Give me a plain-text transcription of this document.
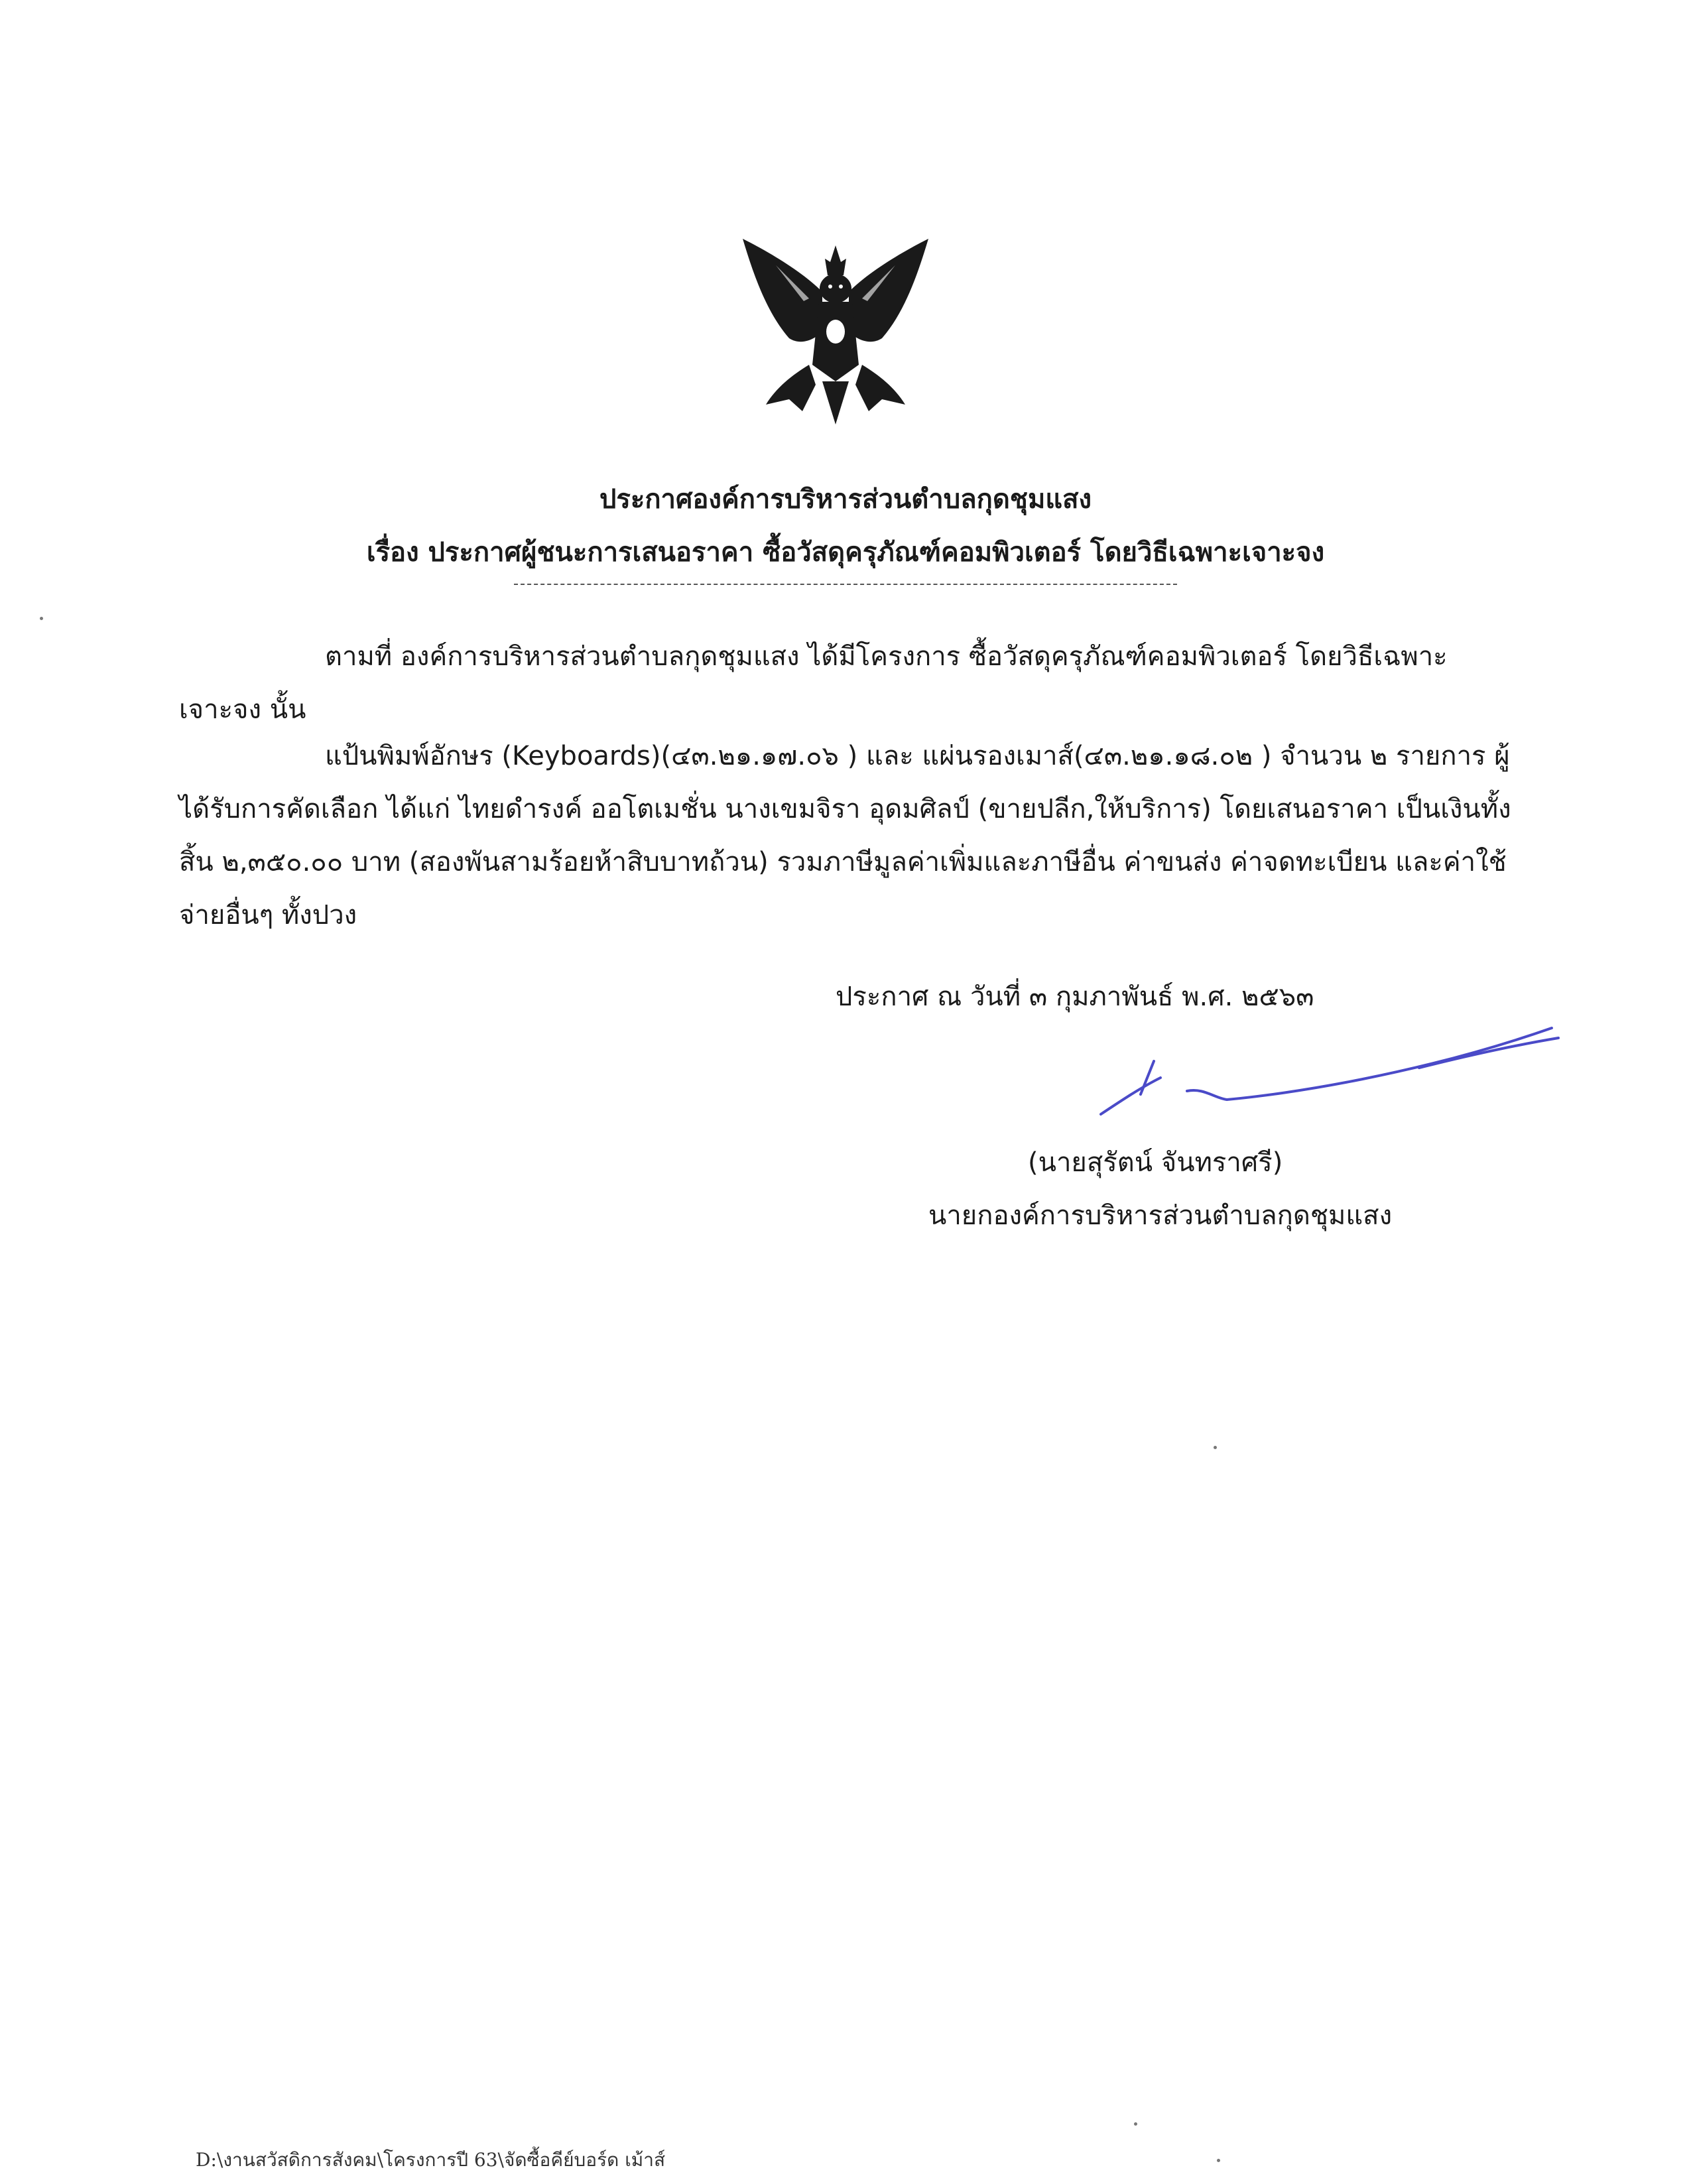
ประกาศองค์การบริหารส่วนตำบลกุดชุมแสง
เรื่อง ประกาศผู้ชนะการเสนอราคา ซื้อวัสดุครุภัณฑ์คอมพิวเตอร์ โดยวิธีเฉพาะเจาะจง
ตามที่ องค์การบริหารส่วนตำบลกุดชุมแสง ได้มีโครงการ ซื้อวัสดุครุภัณฑ์คอมพิวเตอร์ โดยวิธีเฉพาะเจาะจง นั้น
แป้นพิมพ์อักษร (Keyboards)(๔๓.๒๑.๑๗.๐๖ ) และ แผ่นรองเมาส์(๔๓.๒๑.๑๘.๐๒ ) จำนวน ๒ รายการ ผู้ได้รับการคัดเลือก ได้แก่ ไทยดำรงค์ ออโตเมชั่น นางเขมจิรา อุดมศิลป์ (ขายปลีก,ให้บริการ) โดยเสนอราคา เป็นเงินทั้งสิ้น ๒,๓๕๐.๐๐ บาท (สองพันสามร้อยห้าสิบบาทถ้วน) รวมภาษีมูลค่าเพิ่มและภาษีอื่น ค่าขนส่ง ค่าจดทะเบียน และค่าใช้จ่ายอื่นๆ ทั้งปวง
ประกาศ ณ วันที่ ๓ กุมภาพันธ์ พ.ศ. ๒๕๖๓
(นายสุรัตน์ จันทราศรี)
นายกองค์การบริหารส่วนตำบลกุดชุมแสง
D:\งานสวัสดิการสังคม\โครงการปี 63\จัดซื้อคีย์บอร์ด เม้าส์
